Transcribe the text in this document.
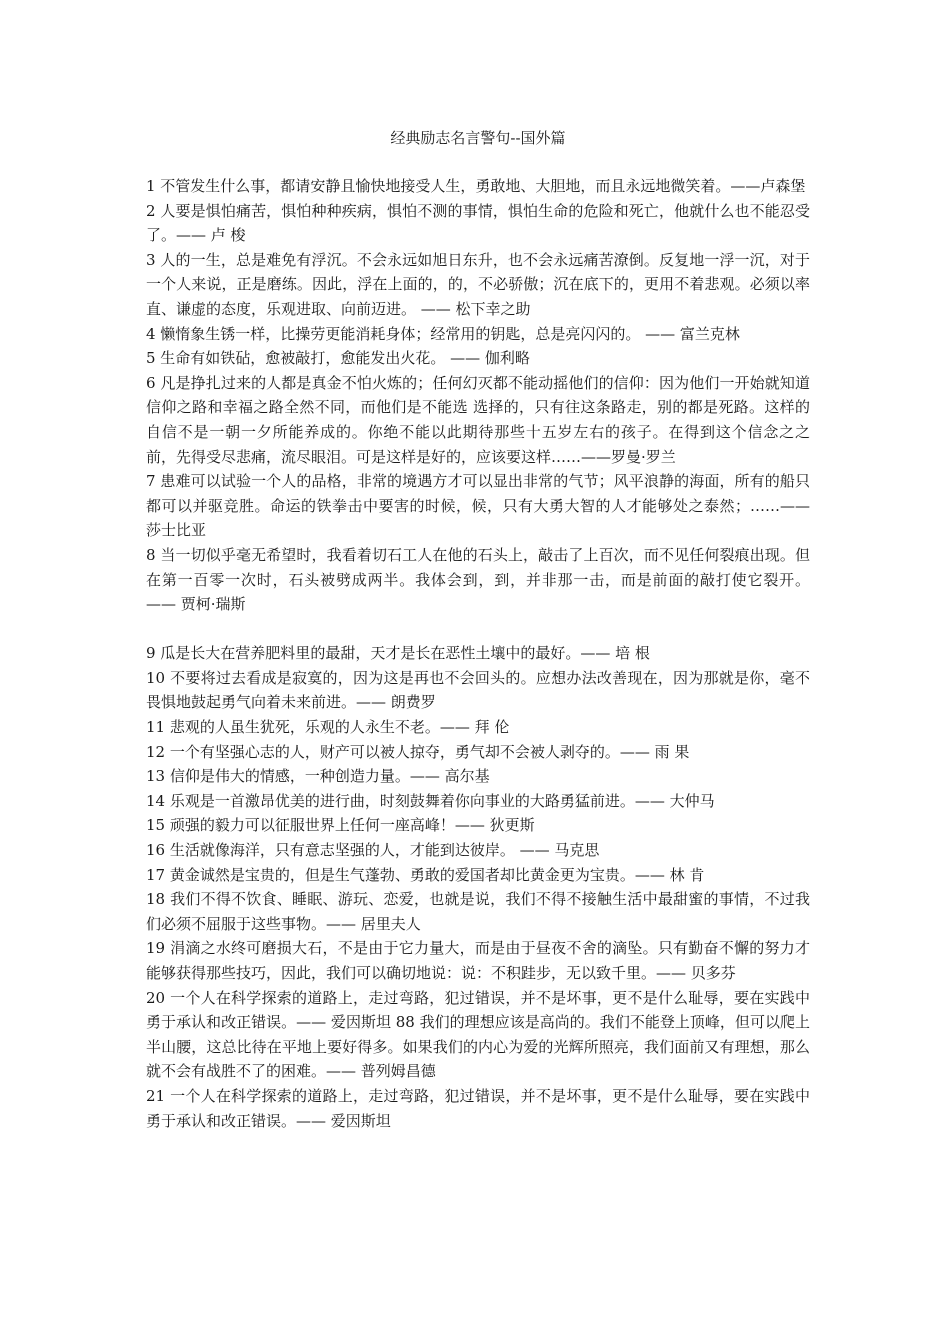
经典励志名言警句--国外篇

1 不管发生什么事，都请安静且愉快地接受人生，勇敢地、大胆地，而且永远地微笑着。——卢森堡

2 人要是惧怕痛苦，惧怕种种疾病，惧怕不测的事情，惧怕生命的危险和死亡，他就什么也不能忍受了。—— 卢 梭

3 人的一生，总是难免有浮沉。不会永远如旭日东升，也不会永远痛苦潦倒。反复地一浮一沉，对于一个人来说，正是磨练。因此，浮在上面的，的，不必骄傲；沉在底下的，更用不着悲观。必须以率直、谦虚的态度，乐观进取、向前迈进。 —— 松下幸之助

4 懒惰象生锈一样，比操劳更能消耗身体；经常用的钥匙，总是亮闪闪的。 —— 富兰克林

5 生命有如铁砧，愈被敲打，愈能发出火花。 —— 伽利略

6 凡是挣扎过来的人都是真金不怕火炼的；任何幻灭都不能动摇他们的信仰：因为他们一开始就知道信仰之路和幸福之路全然不同，而他们是不能选 选择的，只有往这条路走，别的都是死路。这样的自信不是一朝一夕所能养成的。你绝不能以此期待那些十五岁左右的孩子。在得到这个信念之之 前，先得受尽悲痛，流尽眼泪。可是这样是好的，应该要这样……——罗曼·罗兰

7 患难可以试验一个人的品格，非常的境遇方才可以显出非常的气节；风平浪静的海面，所有的船只都可以并驱竞胜。命运的铁拳击中要害的时候，候，只有大勇大智的人才能够处之泰然；……—— 莎士比亚

8 当一切似乎毫无希望时，我看着切石工人在他的石头上，敲击了上百次，而不见任何裂痕出现。但在第一百零一次时，石头被劈成两半。我体会到，到，并非那一击，而是前面的敲打使它裂开。 —— 贾柯·瑞斯

9 瓜是长大在营养肥料里的最甜，天才是长在恶性土壤中的最好。—— 培 根

10 不要将过去看成是寂寞的，因为这是再也不会回头的。应想办法改善现在，因为那就是你，毫不畏惧地鼓起勇气向着未来前进。—— 朗费罗

11 悲观的人虽生犹死，乐观的人永生不老。—— 拜 伦

12 一个有坚强心志的人，财产可以被人掠夺，勇气却不会被人剥夺的。—— 雨 果

13 信仰是伟大的情感，一种创造力量。—— 高尔基

14 乐观是一首激昂优美的进行曲，时刻鼓舞着你向事业的大路勇猛前进。—— 大仲马

15 顽强的毅力可以征服世界上任何一座高峰！—— 狄更斯

16 生活就像海洋，只有意志坚强的人，才能到达彼岸。 —— 马克思

17 黄金诚然是宝贵的，但是生气蓬勃、勇敢的爱国者却比黄金更为宝贵。—— 林 肯

18 我们不得不饮食、睡眠、游玩、恋爱，也就是说，我们不得不接触生活中最甜蜜的事情，不过我们必须不屈服于这些事物。—— 居里夫人

19 涓滴之水终可磨损大石，不是由于它力量大，而是由于昼夜不舍的滴坠。只有勤奋不懈的努力才能够获得那些技巧，因此，我们可以确切地说：说：不积跬步，无以致千里。—— 贝多芬

20 一个人在科学探索的道路上，走过弯路，犯过错误，并不是坏事，更不是什么耻辱，要在实践中勇于承认和改正错误。—— 爱因斯坦 88 我们的理想应该是高尚的。我们不能登上顶峰，但可以爬上半山腰，这总比待在平地上要好得多。如果我们的内心为爱的光辉所照亮，我们面前又有理想，那么就不会有战胜不了的困难。—— 普列姆昌德

21 一个人在科学探索的道路上，走过弯路，犯过错误，并不是坏事，更不是什么耻辱，要在实践中勇于承认和改正错误。—— 爱因斯坦
